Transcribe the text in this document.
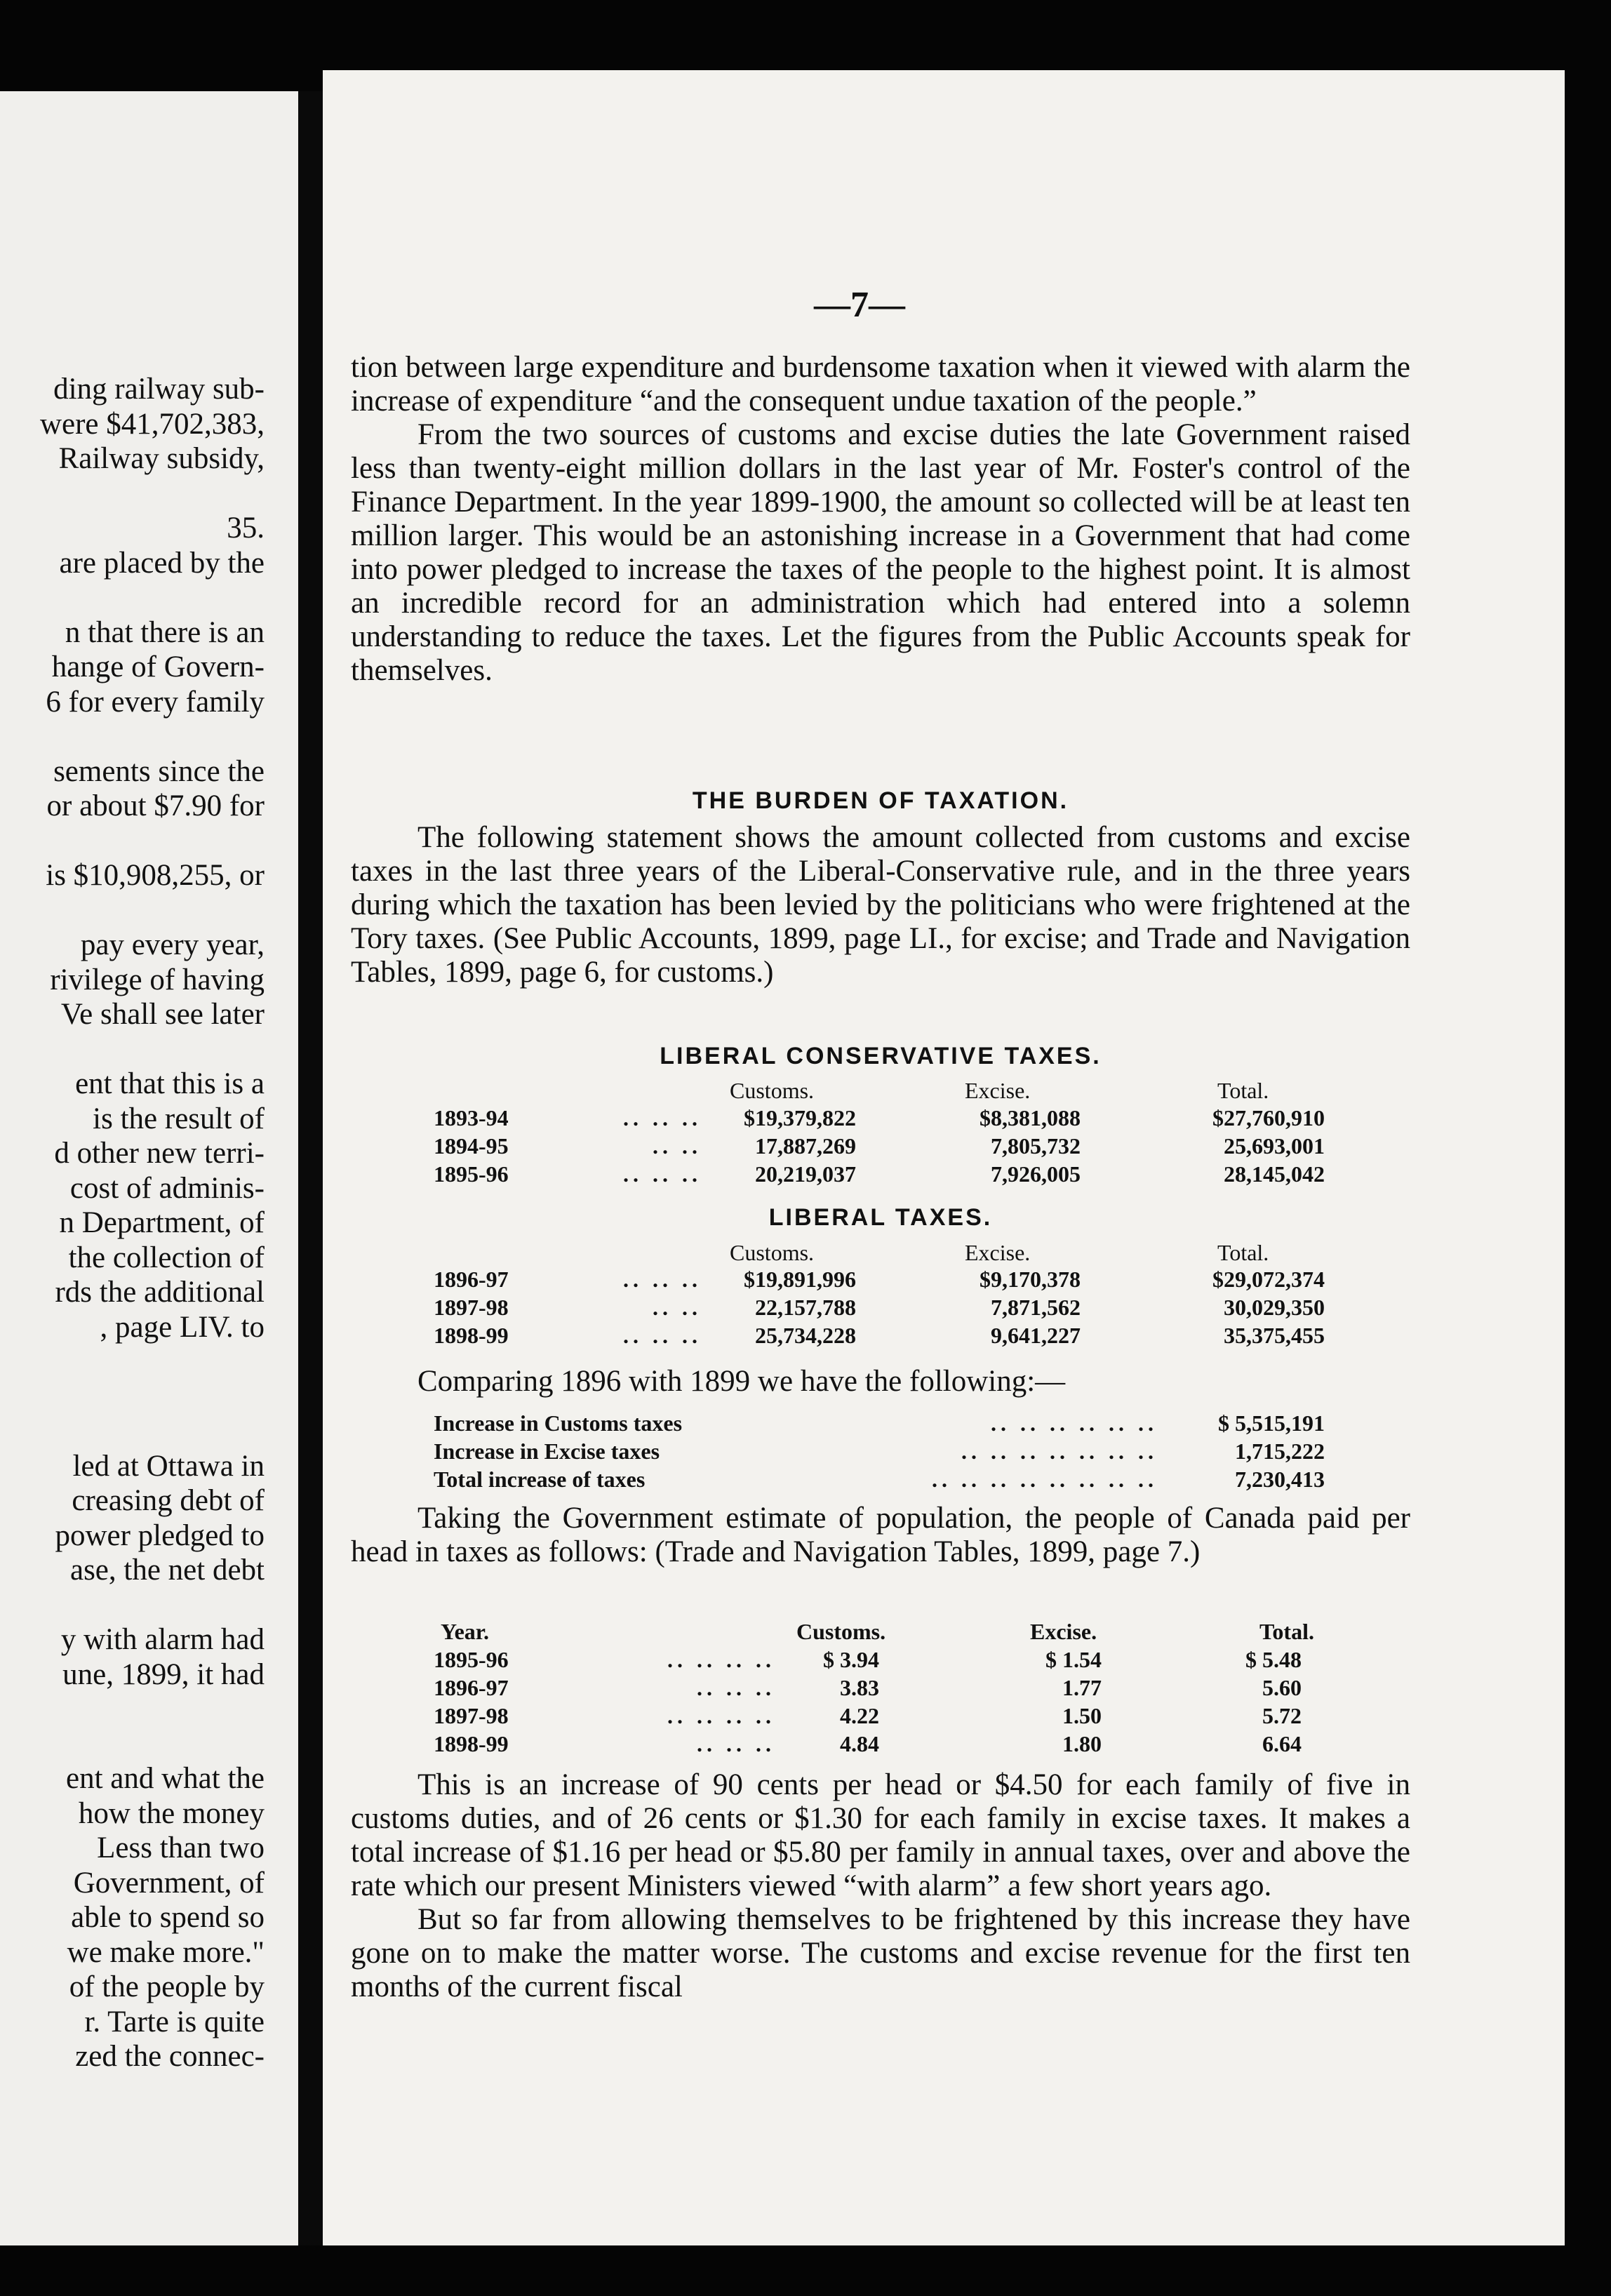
ding railway sub-
were $41,702,383,
Railway subsidy,
35.
are placed by the
n that there is an
hange of Govern-
6 for every family
sements since the
or about $7.90 for
is $10,908,255, or
pay every year,
rivilege of having
Ve shall see later
ent that this is a
is the result of
d other new terri-
cost of adminis-
n Department, of
the collection of
rds the additional
, page LIV. to
led at Ottawa in
creasing debt of
power pledged to
ase, the net debt
y with alarm had
une, 1899, it had
ent and what the
how the money
Less than two
Government, of
able to spend so
we make more."
of the people by
r. Tarte is quite
zed the connec-
—7—

tion between large expenditure and burdensome taxation when it viewed with alarm the increase of expenditure “and the consequent undue taxation of the people.”

From the two sources of customs and excise duties the late Government raised less than twenty-eight million dollars in the last year of Mr. Foster's control of the Finance Department. In the year 1899-1900, the amount so collected will be at least ten million larger. This would be an astonishing increase in a Government that had come into power pledged to increase the taxes of the people to the highest point. It is almost an incredible record for an administration which had entered into a solemn understanding to reduce the taxes. Let the figures from the Public Accounts speak for themselves.

THE BURDEN OF TAXATION.

The following statement shows the amount collected from customs and excise taxes in the last three years of the Liberal-Conservative rule, and in the three years during which the taxation has been levied by the politicians who were frightened at the Tory taxes. (See Public Accounts, 1899, page LI., for excise; and Trade and Navigation Tables, 1899, page 6, for customs.)

LIBERAL CONSERVATIVE TAXES.
Customs.	Excise.	Total.
1893-94	.. .. ..	$19,379,822	$8,381,088	$27,760,910
1894-95	.. ..	17,887,269	7,805,732	25,693,001
1895-96	.. .. ..	20,219,037	7,926,005	28,145,042
LIBERAL TAXES.
Customs.	Excise.	Total.
1896-97	.. .. ..	$19,891,996	$9,170,378	$29,072,374
1897-98	.. ..	22,157,788	7,871,562	30,029,350
1898-99	.. .. ..	25,734,228	9,641,227	35,375,455

Comparing 1896 with 1899 we have the following:—

Increase in Customs taxes	.. .. .. .. .. ..	$ 5,515,191
Increase in Excise taxes	.. .. .. .. .. .. ..	1,715,222
Total increase of taxes	.. .. .. .. .. .. .. ..	7,230,413

Taking the Government estimate of population, the people of Canada paid per head in taxes as follows: (Trade and Navigation Tables, 1899, page 7.)

Year.	Customs.	Excise.	Total.
1895-96	.. .. .. ..	$ 3.94	$ 1.54	$ 5.48
1896-97	.. .. ..	3.83	1.77	5.60
1897-98	.. .. .. ..	4.22	1.50	5.72
1898-99	.. .. ..	4.84	1.80	6.64

This is an increase of 90 cents per head or $4.50 for each family of five in customs duties, and of 26 cents or $1.30 for each family in excise taxes. It makes a total increase of $1.16 per head or $5.80 per family in annual taxes, over and above the rate which our present Ministers viewed “with alarm” a few short years ago.

But so far from allowing themselves to be frightened by this increase they have gone on to make the matter worse. The customs and excise revenue for the first ten months of the current fiscal
